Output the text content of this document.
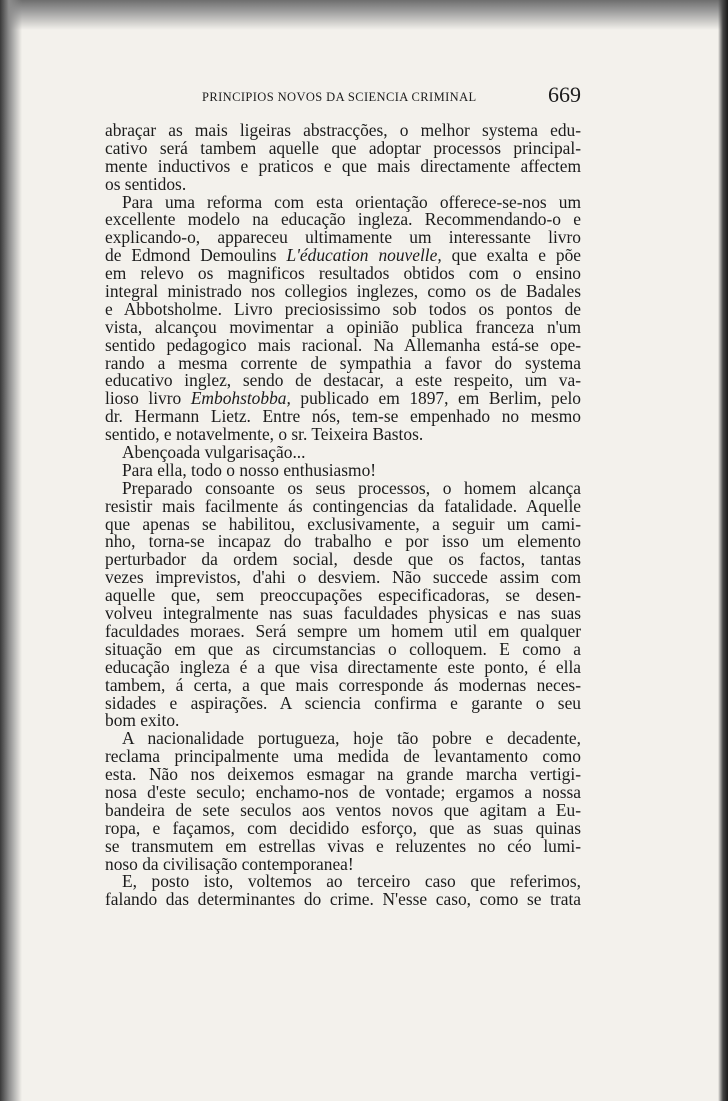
PRINCIPIOS NOVOS DA SCIENCIA CRIMINAL	669
abraçar as mais ligeiras abstracções, o melhor systema edu-
cativo será tambem aquelle que adoptar processos principal-
mente inductivos e praticos e que mais directamente affectem
os sentidos.
Para uma reforma com esta orientação offerece-se-nos um
excellente modelo na educação ingleza. Recommendando-o e
explicando-o, appareceu ultimamente um interessante livro
de Edmond Demoulins L'éducation nouvelle, que exalta e põe
em relevo os magnificos resultados obtidos com o ensino
integral ministrado nos collegios inglezes, como os de Badales
e Abbotsholme. Livro preciosissimo sob todos os pontos de
vista, alcançou movimentar a opinião publica franceza n'um
sentido pedagogico mais racional. Na Allemanha está-se ope-
rando a mesma corrente de sympathia a favor do systema
educativo inglez, sendo de destacar, a este respeito, um va-
lioso livro Embohstobba, publicado em 1897, em Berlim, pelo
dr. Hermann Lietz. Entre nós, tem-se empenhado no mesmo
sentido, e notavelmente, o sr. Teixeira Bastos.
Abençoada vulgarisação...
Para ella, todo o nosso enthusiasmo!
Preparado consoante os seus processos, o homem alcança
resistir mais facilmente ás contingencias da fatalidade. Aquelle
que apenas se habilitou, exclusivamente, a seguir um cami-
nho, torna-se incapaz do trabalho e por isso um elemento
perturbador da ordem social, desde que os factos, tantas
vezes imprevistos, d'ahi o desviem. Não succede assim com
aquelle que, sem preoccupações especificadoras, se desen-
volveu integralmente nas suas faculdades physicas e nas suas
faculdades moraes. Será sempre um homem util em qualquer
situação em que as circumstancias o colloquem. E como a
educação ingleza é a que visa directamente este ponto, é ella
tambem, á certa, a que mais corresponde ás modernas neces-
sidades e aspirações. A sciencia confirma e garante o seu
bom exito.
A nacionalidade portugueza, hoje tão pobre e decadente,
reclama principalmente uma medida de levantamento como
esta. Não nos deixemos esmagar na grande marcha vertigi-
nosa d'este seculo; enchamo-nos de vontade; ergamos a nossa
bandeira de sete seculos aos ventos novos que agitam a Eu-
ropa, e façamos, com decidido esforço, que as suas quinas
se transmutem em estrellas vivas e reluzentes no céo lumi-
noso da civilisação contemporanea!
E, posto isto, voltemos ao terceiro caso que referimos,
falando das determinantes do crime. N'esse caso, como se trata
